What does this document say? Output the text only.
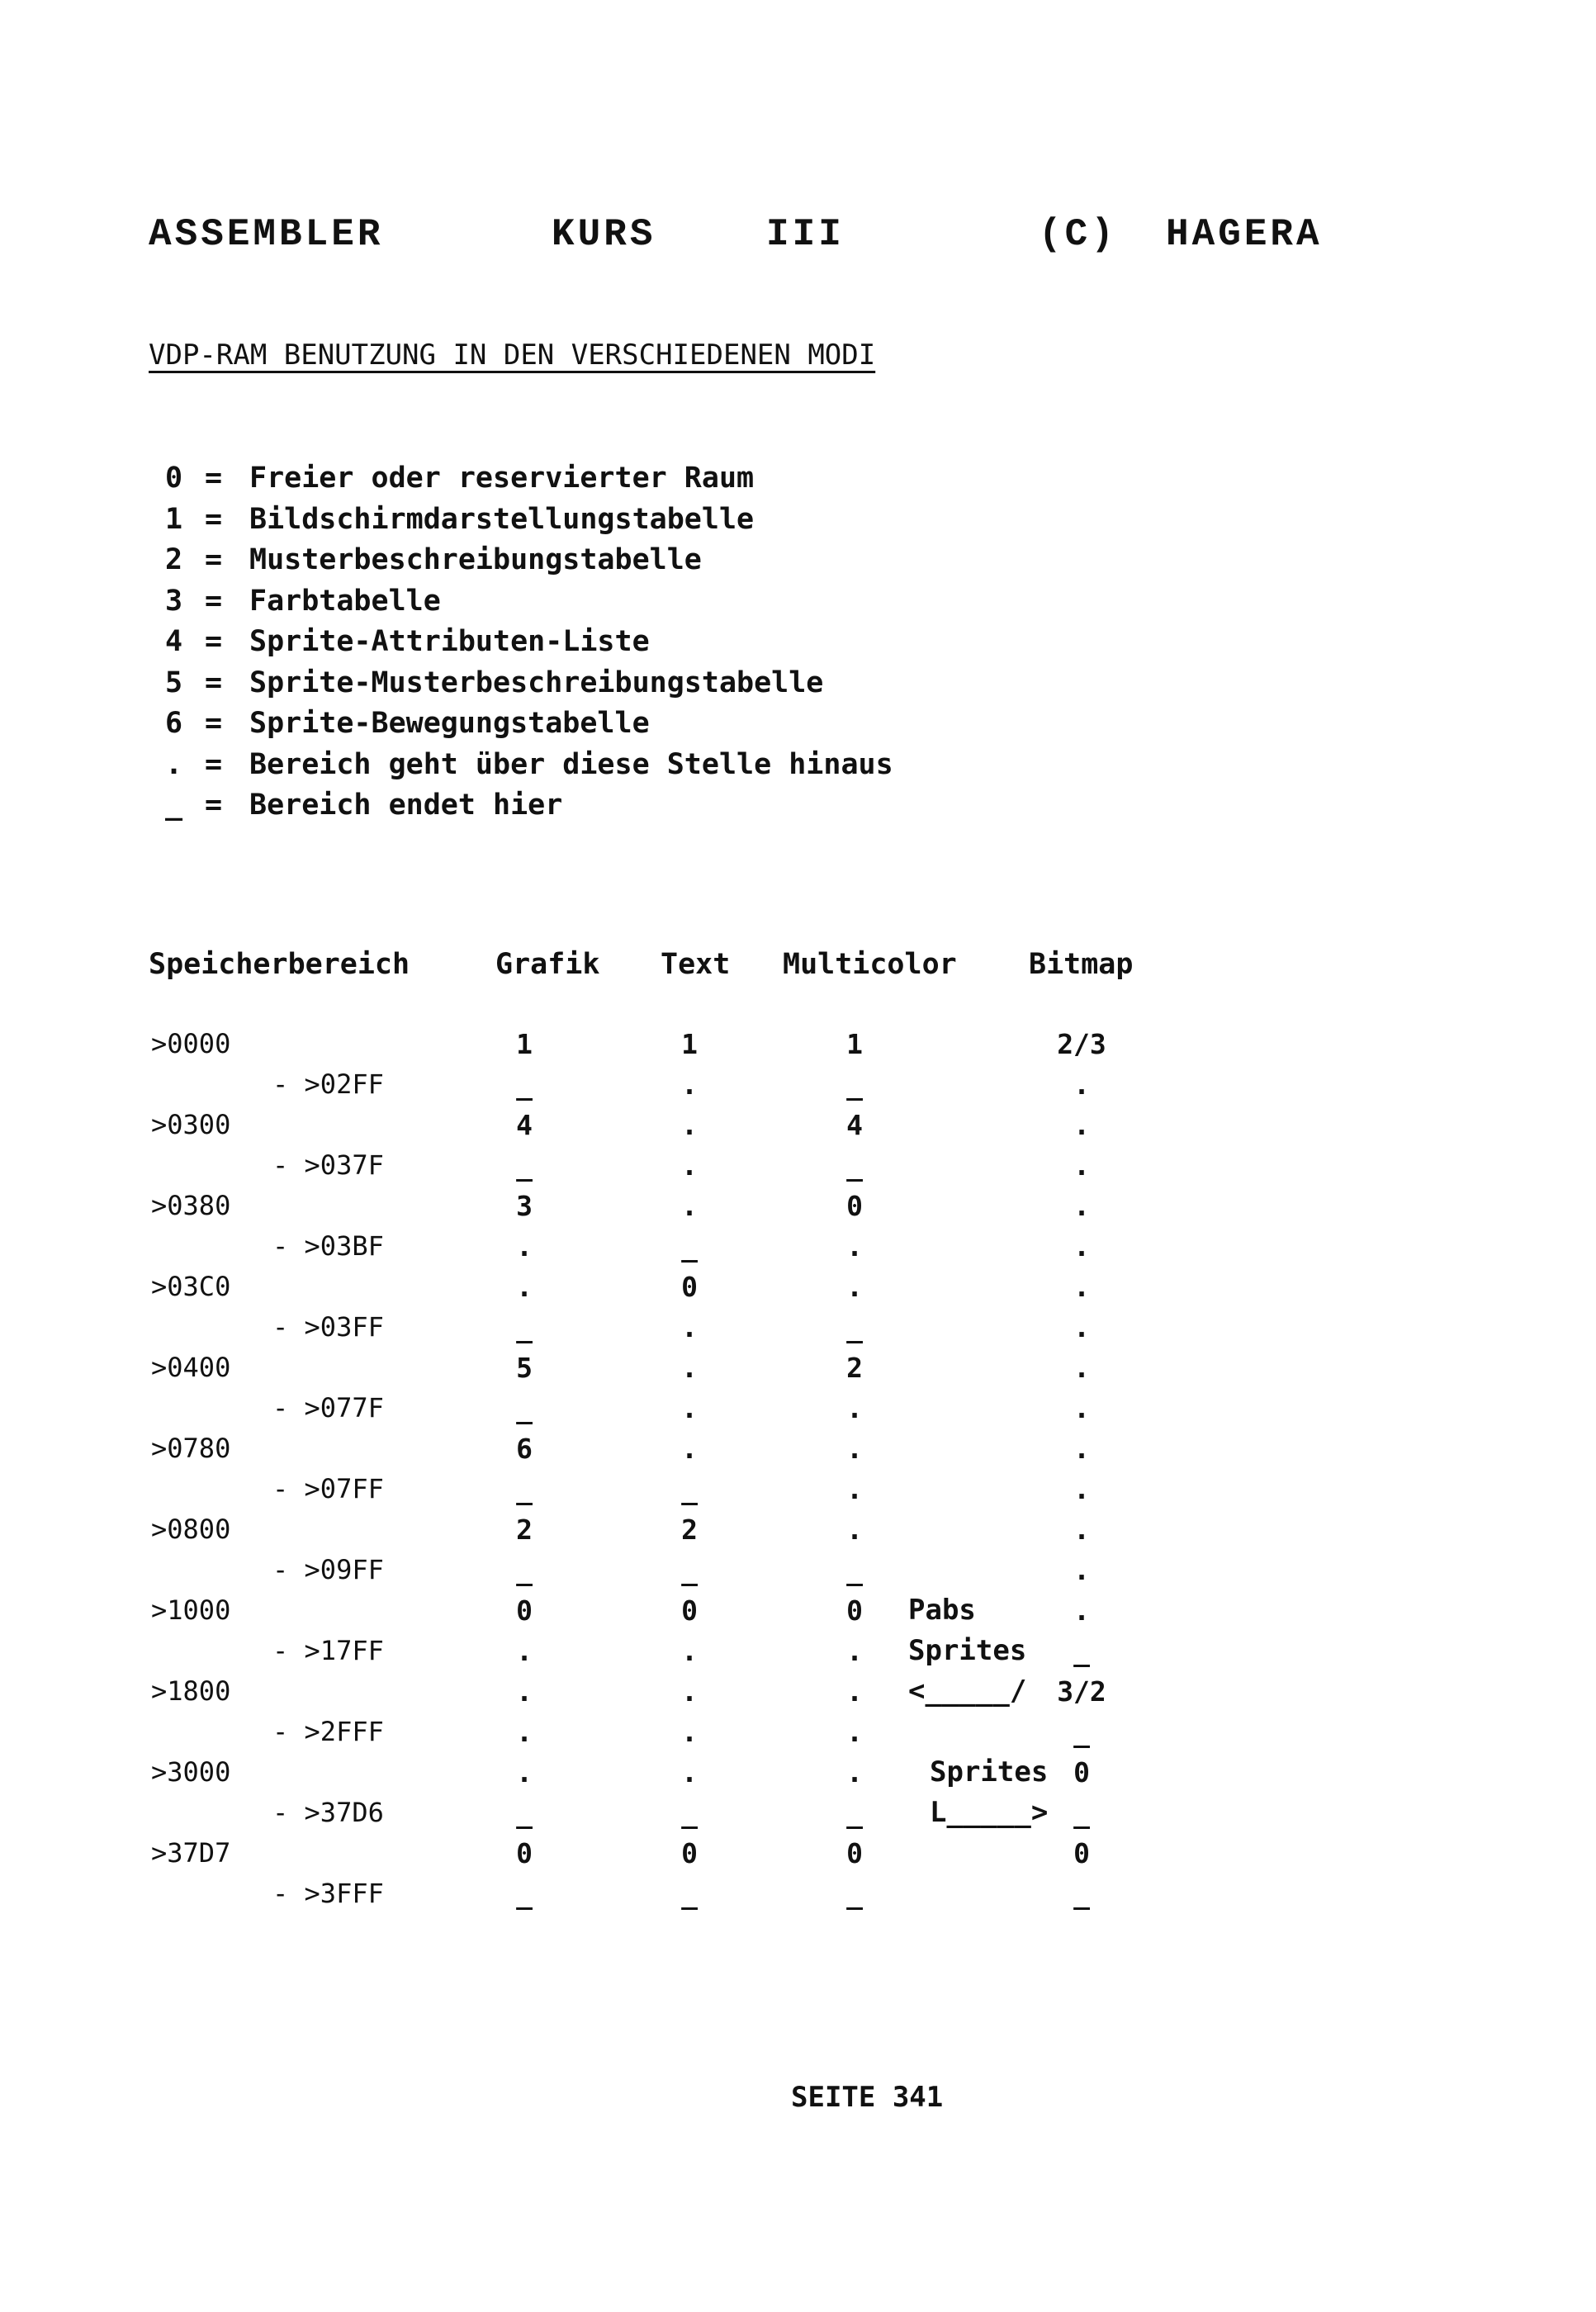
ASSEMBLER	KURS	III	(C) HAGERA
VDP-RAM BENUTZUNG IN DEN VERSCHIEDENEN MODI
0 = Freier oder reservierter Raum
1 = Bildschirmdarstellungstabelle
2 = Musterbeschreibungstabelle
3 = Farbtabelle
4 = Sprite-Attributen-Liste
5 = Sprite-Musterbeschreibungstabelle
6 = Sprite-Bewegungstabelle
. = Bereich geht über diese Stelle hinaus
_ = Bereich endet hier
Speicherbereich	Grafik Text Multicolor Bitmap
>0000	1	1	1	2/3
- >02FF	_	.	_	.
>0300	4	.	4	.
- >037F	_	.	_	.
>0380	3	.	0	.
- >03BF	.	_	.	.
>03C0	.	0	.	.
- >03FF	_	.	_	.
>0400	5	.	2	.
- >077F	_	.	.	.
>0780	6	.	.	.
- >07FF	_	_	.	.
>0800	2	2	.	.
- >09FF	_	_	_	.
>1000	0	0	0	.
- >17FF	.	.	.	_
>1800	.	.	.	3/2
- >2FFF	.	.	.	_
>3000	.	.	.	0
- >37D6	_	_	_	_
>37D7	0	0	0	0
- >3FFF	_	_	_	_
Pabs
Sprites
<_____/
Sprites
L_____>
SEITE 341
